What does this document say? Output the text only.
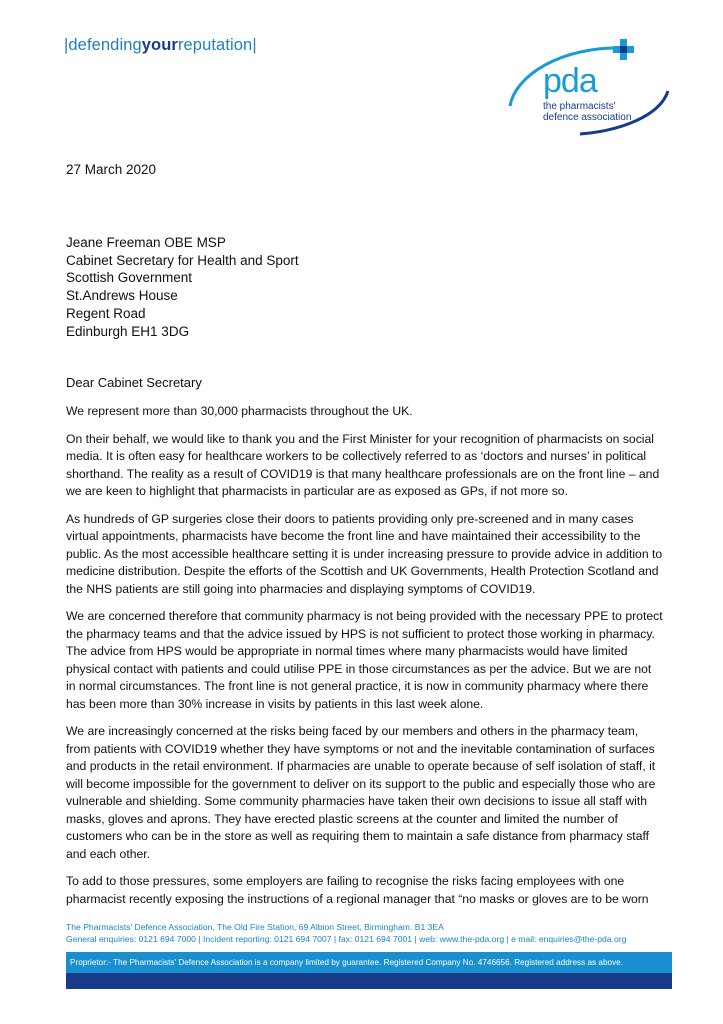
|defendingyourreputation|
pda
the pharmacists'
defence association
27 March 2020
Jeane Freeman OBE MSP
Cabinet Secretary for Health and Sport
Scottish Government
St.Andrews House
Regent Road
Edinburgh EH1 3DG
Dear Cabinet Secretary

We represent more than 30,000 pharmacists throughout the UK.

On their behalf, we would like to thank you and the First Minister for your recognition of pharmacists on social media. It is often easy for healthcare workers to be collectively referred to as ‘doctors and nurses’ in political shorthand. The reality as a result of COVID19 is that many healthcare professionals are on the front line – and we are keen to highlight that pharmacists in particular are as exposed as GPs, if not more so.

As hundreds of GP surgeries close their doors to patients providing only pre-screened and in many cases virtual appointments, pharmacists have become the front line and have maintained their accessibility to the public. As the most accessible healthcare setting it is under increasing pressure to provide advice in addition to medicine distribution. Despite the efforts of the Scottish and UK Governments, Health Protection Scotland and the NHS patients are still going into pharmacies and displaying symptoms of COVID19.

We are concerned therefore that community pharmacy is not being provided with the necessary PPE to protect the pharmacy teams and that the advice issued by HPS is not sufficient to protect those working in pharmacy. The advice from HPS would be appropriate in normal times where many pharmacists would have limited physical contact with patients and could utilise PPE in those circumstances as per the advice. But we are not in normal circumstances. The front line is not general practice, it is now in community pharmacy where there has been more than 30% increase in visits by patients in this last week alone.

We are increasingly concerned at the risks being faced by our members and others in the pharmacy team, from patients with COVID19 whether they have symptoms or not and the inevitable contamination of surfaces and products in the retail environment. If pharmacies are unable to operate because of self isolation of staff, it will become impossible for the government to deliver on its support to the public and especially those who are vulnerable and shielding. Some community pharmacies have taken their own decisions to issue all staff with masks, gloves and aprons. They have erected plastic screens at the counter and limited the number of customers who can be in the store as well as requiring them to maintain a safe distance from pharmacy staff and each other.

To add to those pressures, some employers are failing to recognise the risks facing employees with one pharmacist recently exposing the instructions of a regional manager that “no masks or gloves are to be worn

The Pharmacists' Defence Association, The Old Fire Station, 69 Albion Street, Birmingham. B1 3EA
General enquiries: 0121 694 7000 | Incident reporting: 0121 694 7007 | fax: 0121 694 7001 | web: www.the-pda.org | e mail: enquiries@the-pda.org
Proprietor:- The Pharmacists' Defence Association is a company limited by guarantee. Registered Company No. 4746656. Registered address as above.
